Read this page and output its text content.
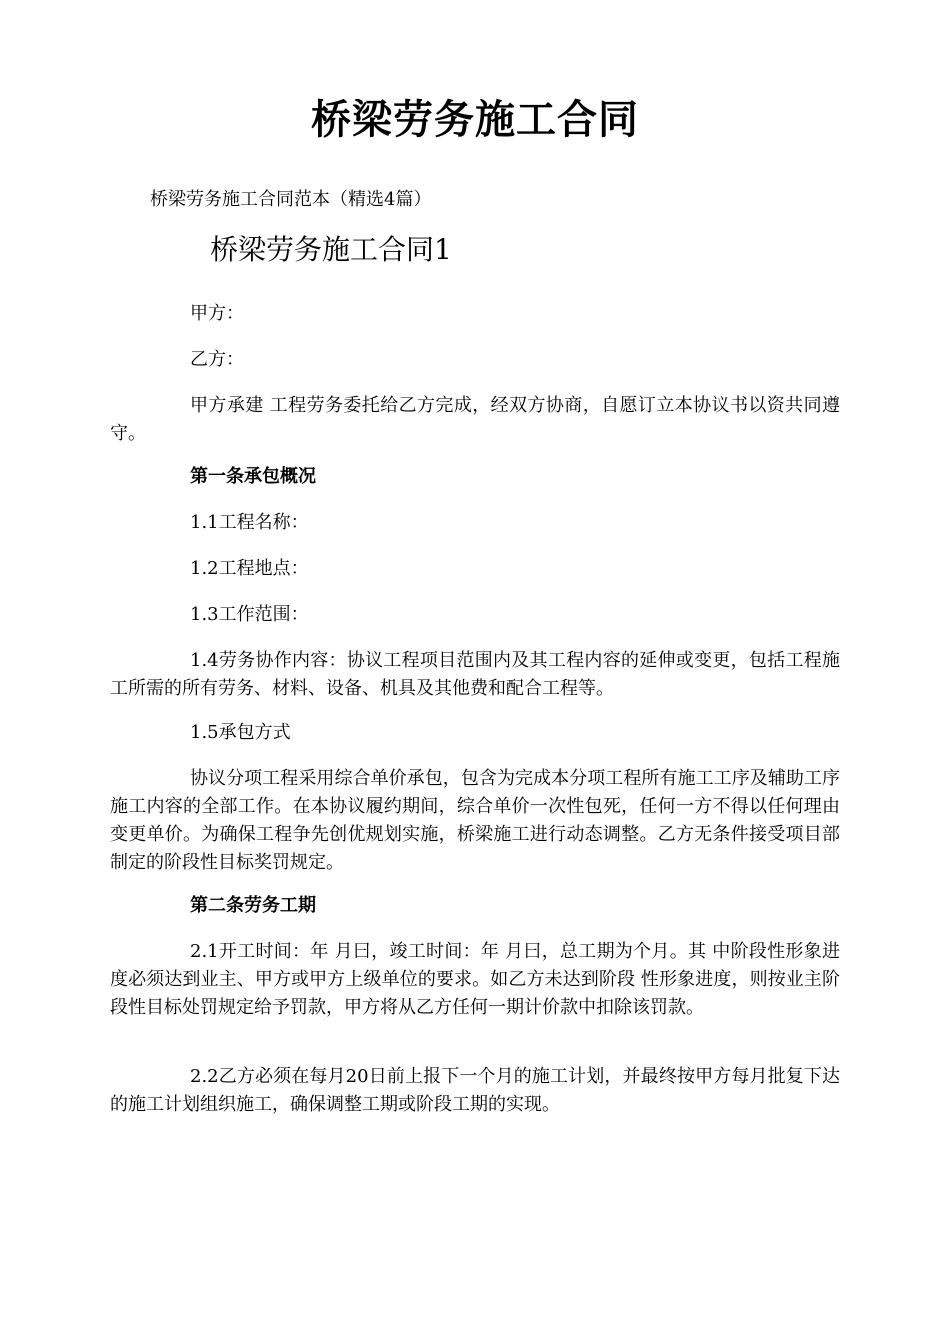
桥梁劳务施工合同

桥梁劳务施工合同范本（精选4篇）

桥梁劳务施工合同1

甲方：

乙方：

甲方承建 工程劳务委托给乙方完成，经双方协商，自愿订立本协议书以资共同遵守。

第一条承包概况

1.1工程名称：

1.2工程地点：

1.3工作范围：

1.4劳务协作内容：协议工程项目范围内及其工程内容的延伸或变更，包括工程施工所需的所有劳务、材料、设备、机具及其他费和配合工程等。

1.5承包方式

协议分项工程采用综合单价承包，包含为完成本分项工程所有施工工序及辅助工序施工内容的全部工作。在本协议履约期间，综合单价一次性包死，任何一方不得以任何理由变更单价。为确保工程争先创优规划实施，桥梁施工进行动态调整。乙方无条件接受项目部制定的阶段性目标奖罚规定。

第二条劳务工期

2.1开工时间：年 月曰，竣工时间：年 月曰，总工期为个月。其 中阶段性形象进度必须达到业主、甲方或甲方上级单位的要求。如乙方未达到阶段 性形象进度，则按业主阶段性目标处罚规定给予罚款，甲方将从乙方任何一期计价款中扣除该罚款。

2.2乙方必须在每月20日前上报下一个月的施工计划，并最终按甲方每月批复下达的施工计划组织施工，确保调整工期或阶段工期的实现。
